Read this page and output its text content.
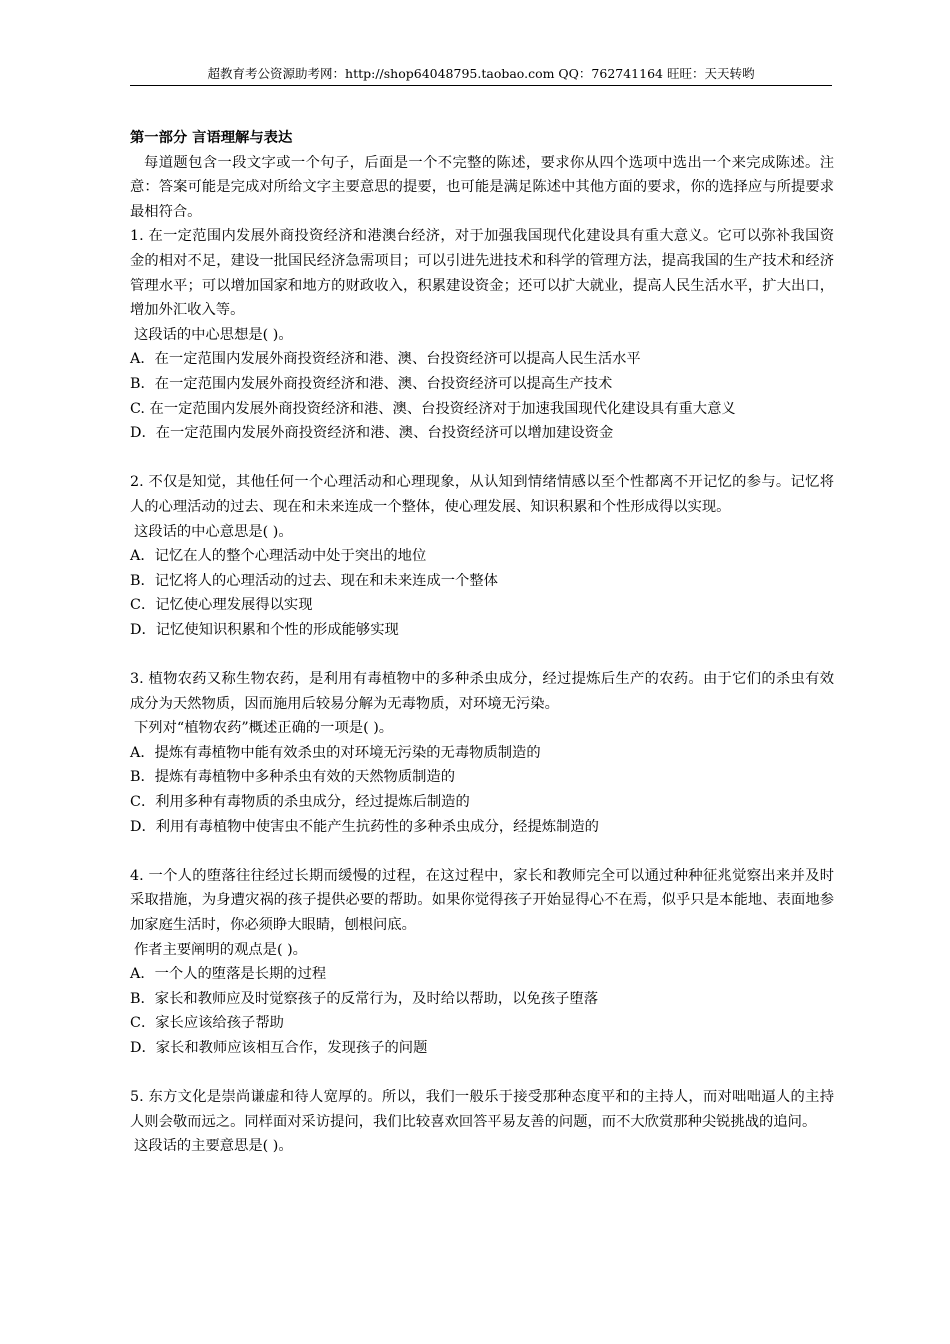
超教育考公资源助考网：http://shop64048795.taobao.com QQ：762741164 旺旺：天天转哟

第一部分 言语理解与表达

每道题包含一段文字或一个句子，后面是一个不完整的陈述，要求你从四个选项中选出一个来完成陈述。注意：答案可能是完成对所给文字主要意思的提要，也可能是满足陈述中其他方面的要求，你的选择应与所提要求最相符合。

1. 在一定范围内发展外商投资经济和港澳台经济，对于加强我国现代化建设具有重大意义。它可以弥补我国资金的相对不足，建设一批国民经济急需项目；可以引进先进技术和科学的管理方法，提高我国的生产技术和经济管理水平；可以增加国家和地方的财政收入，积累建设资金；还可以扩大就业，提高人民生活水平，扩大出口，增加外汇收入等。

这段话的中心思想是( )。

A．在一定范围内发展外商投资经济和港、澳、台投资经济可以提高人民生活水平

B．在一定范围内发展外商投资经济和港、澳、台投资经济可以提高生产技术

C. 在一定范围内发展外商投资经济和港、澳、台投资经济对于加速我国现代化建设具有重大意义

D．在一定范围内发展外商投资经济和港、澳、台投资经济可以增加建设资金

2. 不仅是知觉，其他任何一个心理活动和心理现象，从认知到情绪情感以至个性都离不开记忆的参与。记忆将人的心理活动的过去、现在和未来连成一个整体，使心理发展、知识积累和个性形成得以实现。

这段话的中心意思是( )。

A．记忆在人的整个心理活动中处于突出的地位

B．记忆将人的心理活动的过去、现在和未来连成一个整体

C．记忆使心理发展得以实现

D．记忆使知识积累和个性的形成能够实现

3. 植物农药又称生物农药，是利用有毒植物中的多种杀虫成分，经过提炼后生产的农药。由于它们的杀虫有效成分为天然物质，因而施用后较易分解为无毒物质，对环境无污染。

下列对“植物农药”概述正确的一项是( )。

A．提炼有毒植物中能有效杀虫的对环境无污染的无毒物质制造的

B．提炼有毒植物中多种杀虫有效的天然物质制造的

C．利用多种有毒物质的杀虫成分，经过提炼后制造的

D．利用有毒植物中使害虫不能产生抗药性的多种杀虫成分，经提炼制造的

4. 一个人的堕落往往经过长期而缓慢的过程，在这过程中，家长和教师完全可以通过种种征兆觉察出来并及时采取措施，为身遭灾祸的孩子提供必要的帮助。如果你觉得孩子开始显得心不在焉，似乎只是本能地、表面地参加家庭生活时，你必须睁大眼睛，刨根问底。

作者主要阐明的观点是( )。

A．一个人的堕落是长期的过程

B．家长和教师应及时觉察孩子的反常行为，及时给以帮助，以免孩子堕落

C．家长应该给孩子帮助

D．家长和教师应该相互合作，发现孩子的问题

5. 东方文化是崇尚谦虚和待人宽厚的。所以，我们一般乐于接受那种态度平和的主持人，而对咄咄逼人的主持人则会敬而远之。同样面对采访提问，我们比较喜欢回答平易友善的问题，而不大欣赏那种尖锐挑战的追问。

这段话的主要意思是( )。
